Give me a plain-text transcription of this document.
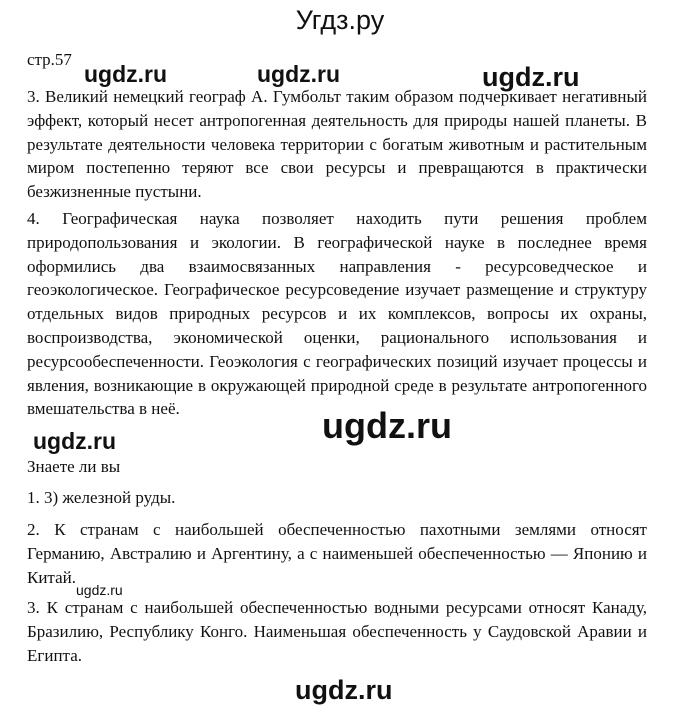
Угдз.ру
ugdz.ru	ugdz.ru	ugdz.ru
стр.57
3. Великий немецкий географ А. Гумбольт таким образом подчеркивает негативный эффект, который несет антропогенная деятельность для природы нашей планеты. В результате деятельности человека территории с богатым животным и растительным миром постепенно теряют все свои ресурсы и превращаются в практически безжизненные пустыни.
4. Географическая наука позволяет находить пути решения проблем природопользования и экологии. В географической науке в последнее время оформились два взаимосвязанных направления - ресурсоведческое и геоэкологическое. Географическое ресурсоведение изучает размещение и структуру отдельных видов природных ресурсов и их комплексов, вопросы их охраны, воспроизводства, экономической оценки, рационального использования и ресурсообеспеченности. Геоэкология с географических позиций изучает процессы и явления, возникающие в окружающей природной среде в результате антропогенного вмешательства в неё.	ugdz.ru
ugdz.ru
Знаете ли вы
1. 3) железной руды.
2. К странам с наибольшей обеспеченностью пахотными землями относят Германию, Австралию и Аргентину, а с наименьшей обеспеченностью — Японию и Китай.
ugdz.ru
3. К странам с наибольшей обеспеченностью водными ресурсами относят Канаду, Бразилию, Республику Конго. Наименьшая обеспеченность у Саудовской Аравии и Египта.
ugdz.ru
